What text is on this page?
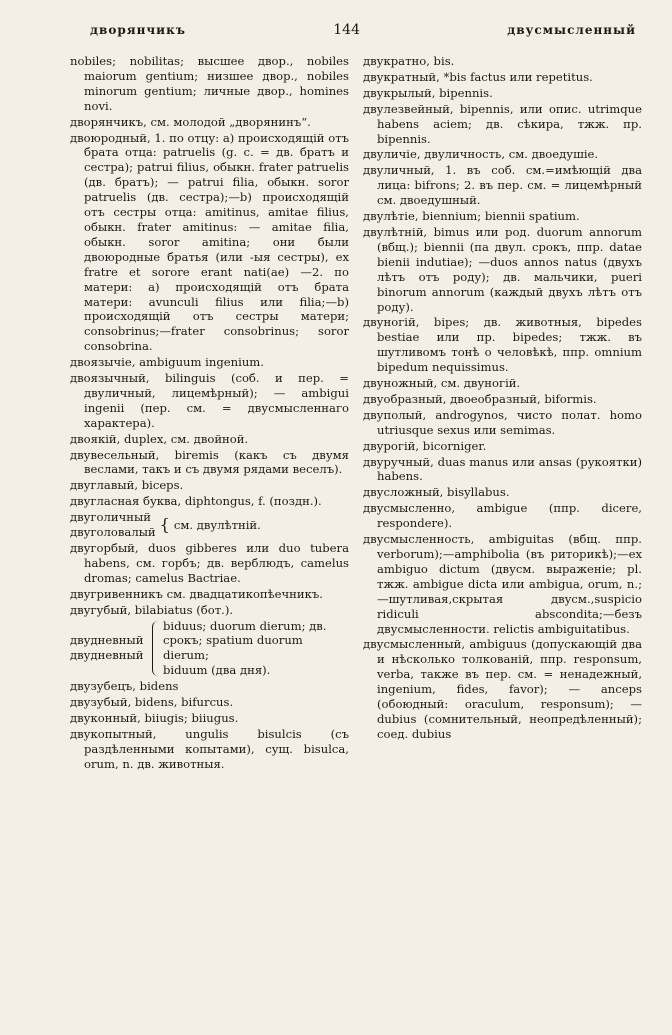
дворянчикъ	144	двусмысленный
nobiles; nobilitas; высшее двор., nobiles maiorum gentium; низшее двор., nobiles minorum gentium; личные двор., homines novi.
дворянчикъ, см. молодой „дворянинъ“.
двоюродный, 1. по отцу: a) происходящій отъ брата отца: patruelis (g. c. = дв. братъ и сестра); patrui filius, обыкн. frater patruelis (дв. братъ); — patrui filia, обыкн. soror patruelis (дв. сестра);—b) происходящій отъ сестры отца: amitinus, amitae filius, обыкн. frater amitinus: — amitae filia, обыкн. soror amitina; они были двоюродные братья (или -ыя сестры), ex fratre et sorore erant nati(ae) —2. по матери: a) происходящій отъ брата матери: avunculi filius или filia;—b) происходящій отъ сестры матери; consobrinus;—frater consobrinus; soror consobrina.
двоязычіе, ambiguum ingenium.
двоязычный, bilinguis (соб. и пер. = двуличный, лицемѣрный); — ambigui ingenii (пер. см. = двусмысленнаго характера).
двоякій, duplex, см. двойной.
двувесельный, biremis (какъ съ двумя веслами, такъ и съ двумя рядами веселъ).
двуглавый, biceps.
двугласная буква, diphtongus, f. (поздн.).
двуголичный
двуголовалый { см. двулѣтній.
двугорбый, duos gibberes или duo tubera habens, см. горбъ; дв. верблюдъ, camelus dromas; camelus Bactriae.
двугривенникъ см. двадцатикопѣечникъ.
двугубый, bilabiatus (бот.).
двудневный
двудневный
biduus; duorum dierum; дв. срокъ; spatium duorum dierum;
biduum (два дня).
двузубецъ, bidens
двузубый, bidens, bifurcus.
двуконный, biiugis; biiugus.
двукопытный, ungulis bisulcis (съ раздѣленными копытами), сущ. bisulca, orum, n. дв. животныя.
двукратно, bis.
двукратный, *bis factus или repetitus.
двукрылый, bipennis.
двулезвейный, bipennis, или опис. utrimque habens aciem; дв. сѣкира, тжж. пр. bipennis.
двуличіе, двуличность, см. двоедушіе.
двуличный, 1. въ соб. см.=имѣющій два лица: bifrons; 2. въ пер. см. = лицемѣрный см. двоедушный.
двулѣтіе, biennium; biennii spatium.
двулѣтній, bimus или род. duorum annorum (вбщ.); biennii (па двул. срокъ, ппр. datae bienii indutiae); —duos annos natus (двухъ лѣтъ отъ роду); дв. мальчики, pueri binorum annorum (каждый двухъ лѣтъ отъ роду).
двуногій, bipes; дв. животныя, bipedes bestiae или пр. bipedes; тжж. въ шутливомъ тонѣ о человѣкѣ, ппр. omnium bipedum nequissimus.
двуножный, см. двуногій.
двуобразный, двоеобразный, biformis.
двуполый, androgynos, чисто полат. homo utriusque sexus или semimas.
двурогій, bicorniger.
двуручный, duas manus или ansas (рукоятки) habens.
двусложный, bisyllabus.
двусмысленно, ambigue (ппр. dicere, respondere).
двусмысленность, ambiguitas (вбщ. ппр. verborum);—amphibolia (въ риторикѣ);—ex ambiguo dictum (двусм. выраженіе; pl. тжж. ambigue dicta или ambigua, orum, n.;—шутливая,скрытая двусм.,suspicio ridiculi abscondita;—безъ двусмысленности. relictis ambiguitatibus.
двусмысленный, ambiguus (допускающій два и нѣсколько толкованій, ппр. responsum, verba, также въ пер. см. = ненадежный, ingenium, fides, favor); — anceps (обоюдный: oraculum, responsum); — dubius (сомнительный, неопредѣленный); соед. dubius
